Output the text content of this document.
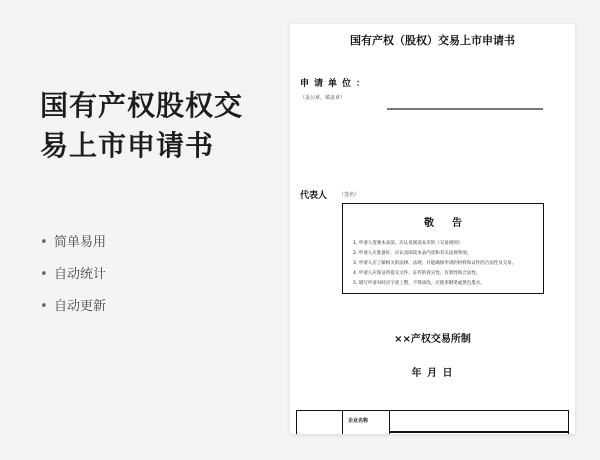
国有产权股权交易上市申请书
• 简单易用
• 自动统计
• 自动更新
国有产权（股权）交易上市申请书
申请单位：
（盖公章，填盖章）
代表人 （签名）
敬告
1. 申请人签署本表前，应认真阅读本市的《交易规则》
2. 申请人应准备好，应认真阅读本表内容和有关法规事项。
3. 申请人应了解相关的法律、法规、并能确保申请的材料和证件的合法性及交易。
4. 申请人应保证所提交文件、证件的真实性、有效性和合法性。
5. 填写申请书时应字迹工整，不得涂改，应使用钢笔或黑色墨水。
××产权交易所制
年 月 日
企业名称
